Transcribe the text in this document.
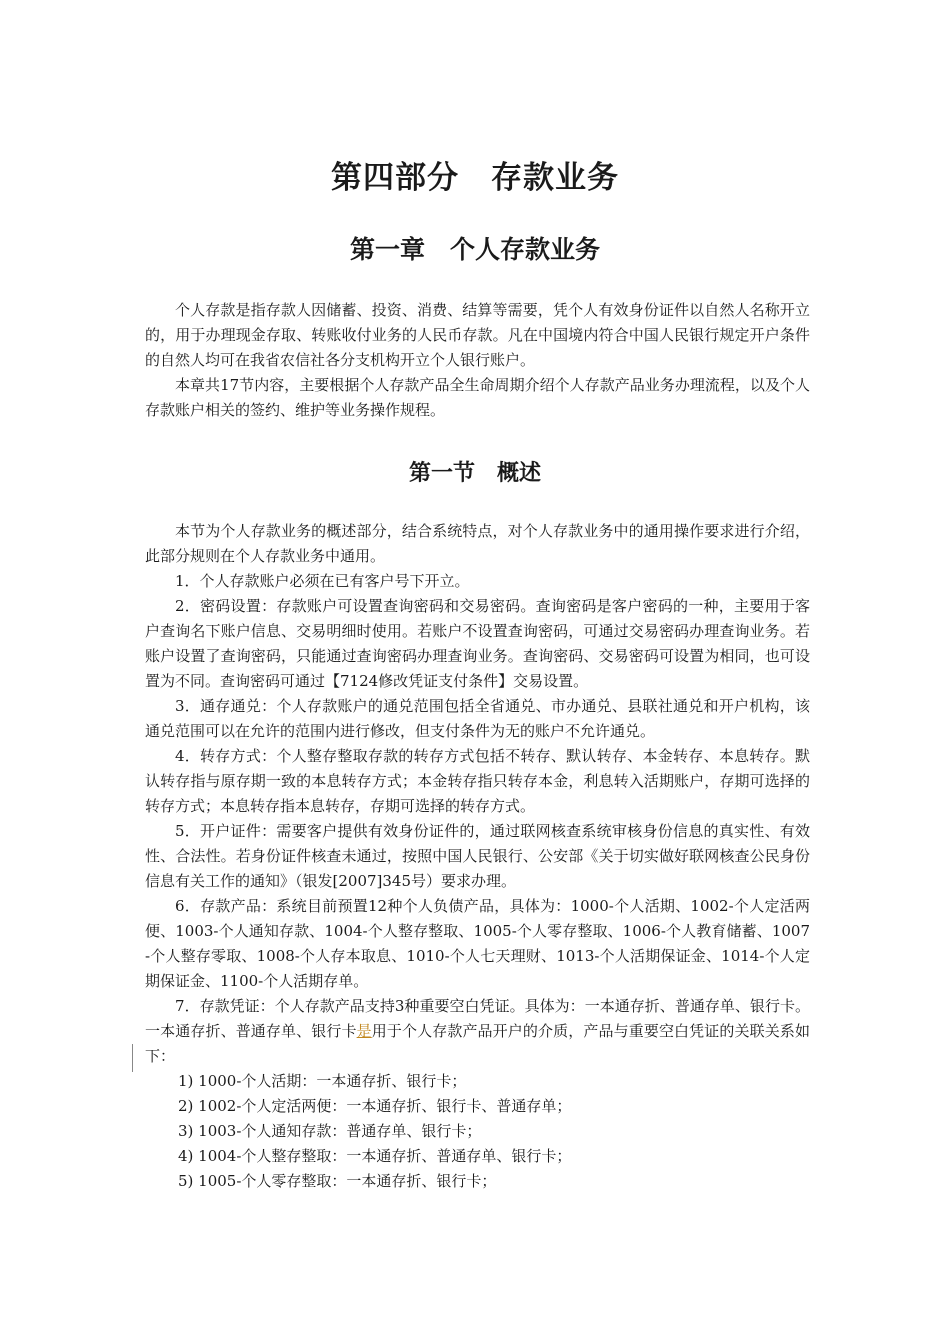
第四部分　存款业务
第一章　个人存款业务

个人存款是指存款人因储蓄、投资、消费、结算等需要，凭个人有效身份证件以自然人名称开立的，用于办理现金存取、转账收付业务的人民币存款。凡在中国境内符合中国人民银行规定开户条件的自然人均可在我省农信社各分支机构开立个人银行账户。

本章共17节内容，主要根据个人存款产品全生命周期介绍个人存款产品业务办理流程，以及个人存款账户相关的签约、维护等业务操作规程。

第一节　概述

本节为个人存款业务的概述部分，结合系统特点，对个人存款业务中的通用操作要求进行介绍，此部分规则在个人存款业务中通用。

1．个人存款账户必须在已有客户号下开立。

2．密码设置：存款账户可设置查询密码和交易密码。查询密码是客户密码的一种，主要用于客户查询名下账户信息、交易明细时使用。若账户不设置查询密码，可通过交易密码办理查询业务。若账户设置了查询密码，只能通过查询密码办理查询业务。查询密码、交易密码可设置为相同，也可设置为不同。查询密码可通过【7124修改凭证支付条件】交易设置。

3．通存通兑：个人存款账户的通兑范围包括全省通兑、市办通兑、县联社通兑和开户机构，该通兑范围可以在允许的范围内进行修改，但支付条件为无的账户不允许通兑。

4．转存方式：个人整存整取存款的转存方式包括不转存、默认转存、本金转存、本息转存。默认转存指与原存期一致的本息转存方式；本金转存指只转存本金，利息转入活期账户，存期可选择的转存方式；本息转存指本息转存，存期可选择的转存方式。

5．开户证件：需要客户提供有效身份证件的，通过联网核查系统审核身份信息的真实性、有效性、合法性。若身份证件核查未通过，按照中国人民银行、公安部《关于切实做好联网核查公民身份信息有关工作的通知》（银发[2007]345号）要求办理。

6．存款产品：系统目前预置12种个人负债产品，具体为：1000-个人活期、1002-个人定活两便、1003-个人通知存款、1004-个人整存整取、1005-个人零存整取、1006-个人教育储蓄、1007-个人整存零取、1008-个人存本取息、1010-个人七天理财、1013-个人活期保证金、1014-个人定期保证金、1100-个人活期存单。

7．存款凭证：个人存款产品支持3种重要空白凭证。具体为：一本通存折、普通存单、银行卡。一本通存折、普通存单、银行卡是用于个人存款产品开户的介质，产品与重要空白凭证的关联关系如下：

1) 1000-个人活期：一本通存折、银行卡；

2) 1002-个人定活两便：一本通存折、银行卡、普通存单；

3) 1003-个人通知存款：普通存单、银行卡；

4) 1004-个人整存整取：一本通存折、普通存单、银行卡；

5) 1005-个人零存整取：一本通存折、银行卡；
